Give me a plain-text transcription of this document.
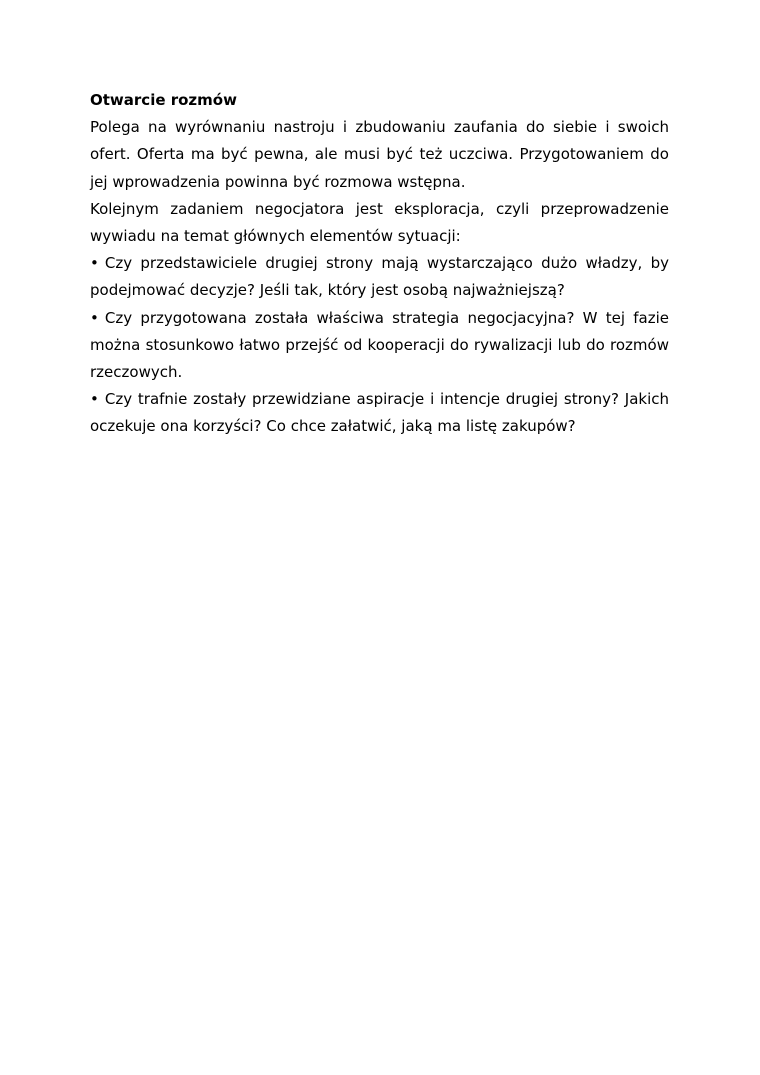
Otwarcie rozmów

Polega na wyrównaniu nastroju i zbudowaniu zaufania do siebie i swoich ofert. Oferta ma być pewna, ale musi być też uczciwa. Przygotowaniem do jej wprowadzenia powinna być rozmowa wstępna.

Kolejnym zadaniem negocjatora jest eksploracja, czyli przeprowadzenie wywiadu na temat głównych elementów sytuacji:

• Czy przedstawiciele drugiej strony mają wystarczająco dużo władzy, by podejmować decyzje? Jeśli tak, który jest osobą najważniejszą?

• Czy przygotowana została właściwa strategia negocjacyjna? W tej fazie można stosunkowo łatwo przejść od kooperacji do rywalizacji lub do rozmów rzeczowych.

• Czy trafnie zostały przewidziane aspiracje i intencje drugiej strony? Jakich oczekuje ona korzyści? Co chce załatwić, jaką ma listę zakupów?
